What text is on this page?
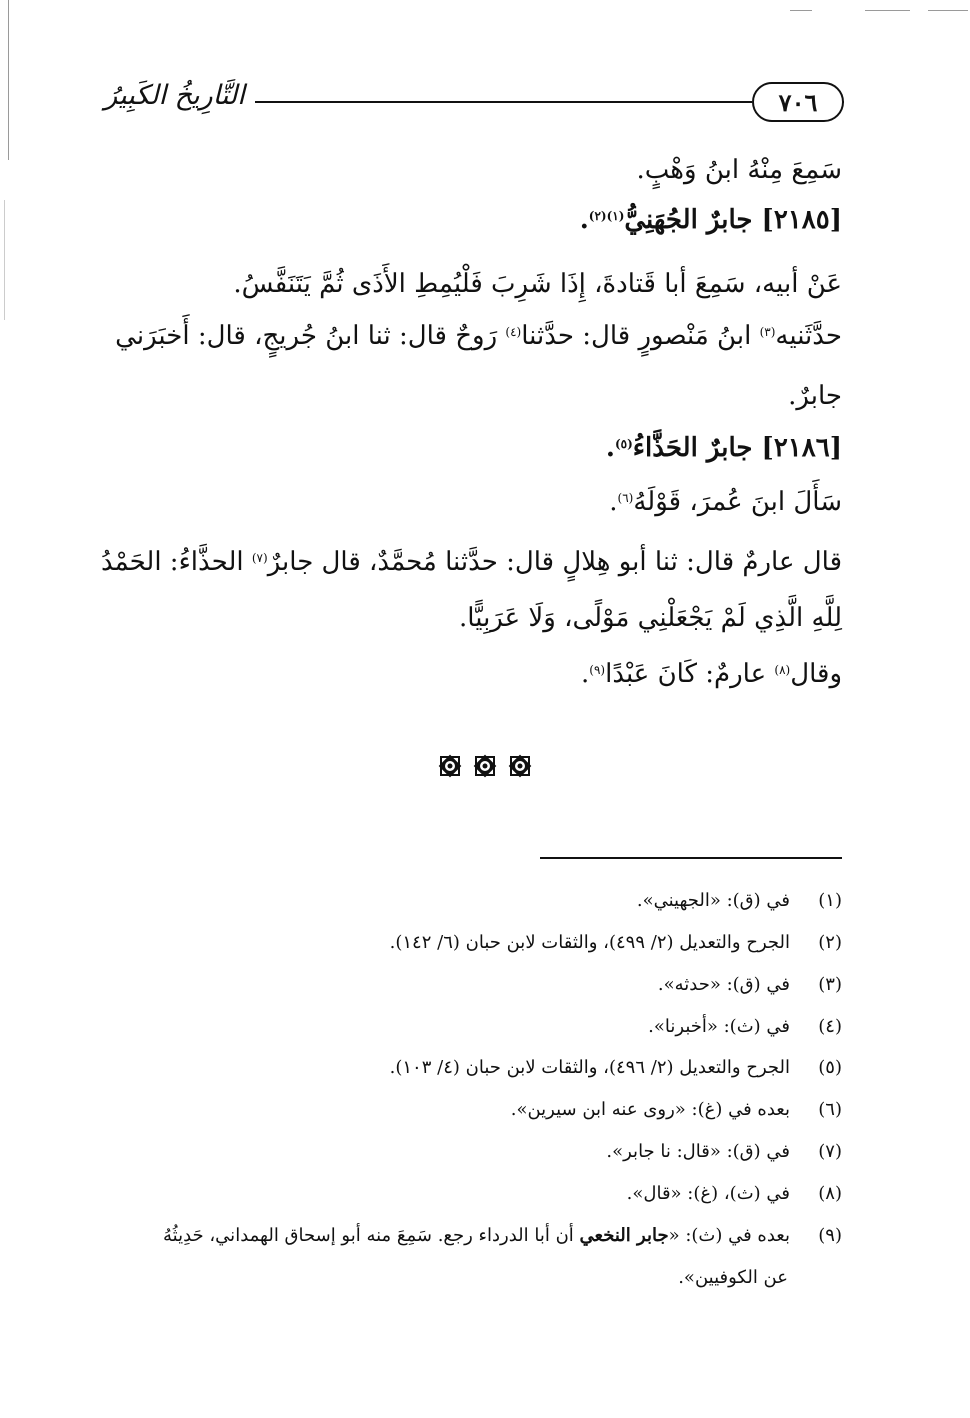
٧٠٦
التَّارِيخُ الكَبِيرُ
سَمِعَ مِنْهُ ابنُ وَهْبٍ.
[٢١٨٥] جابرٌ الجُهَنِيُّ$^{(١)(٢)}$.
عَنْ أبيه، سَمِعَ أبا قَتادةَ، إِذَا شَرِبَ فَلْيُمِطِ الأَذَى ثُمَّ يَتَنَفَّسُ.
حدَّثَنيه$^{(٣)}$ ابنُ مَنْصورٍ قال: حدَّثنا$^{(٤)}$ رَوحٌ قال: ثنا ابنُ جُريجٍ، قال: أَخبَرَني
جابرٌ.
[٢١٨٦] جابرٌ الحَذَّاءُ$^{(٥)}$.
سَأَلَ ابنَ عُمرَ، قَوْلَهُ$^{(٦)}$.
قال عارمٌ قال: ثنا أبو هِلالٍ قال: حدَّثنا مُحمَّدٌ، قال جابرٌ$^{(٧)}$ الحذَّاءُ: الحَمْدُ
لِلَّهِ الَّذِي لَمْ يَجْعَلْنِي مَوْلًى، وَلَا عَرَبِيًّا.
وقال$^{(٨)}$ عارمٌ: كَانَ عَبْدًا$^{(٩)}$.
(١)في (ق): «الجهيني».
(٢)الجرح والتعديل (٢/ ٤٩٩)، والثقات لابن حبان (٦/ ١٤٢).
(٣)في (ق): «حدثه».
(٤)في (ث): «أخبرنا».
(٥)الجرح والتعديل (٢/ ٤٩٦)، والثقات لابن حبان (٤/ ١٠٣).
(٦)بعده في (غ): «روى عنه ابن سيرين».
(٧)في (ق): «قال: نا جابر».
(٨)في (ث)، (غ): «قال».
(٩)بعده في (ث): «جابر النخعي أن أبا الدرداء رجع. سَمِعَ منه أبو إسحاق الهمداني، حَدِيثُهُ
عن الكوفيين».
